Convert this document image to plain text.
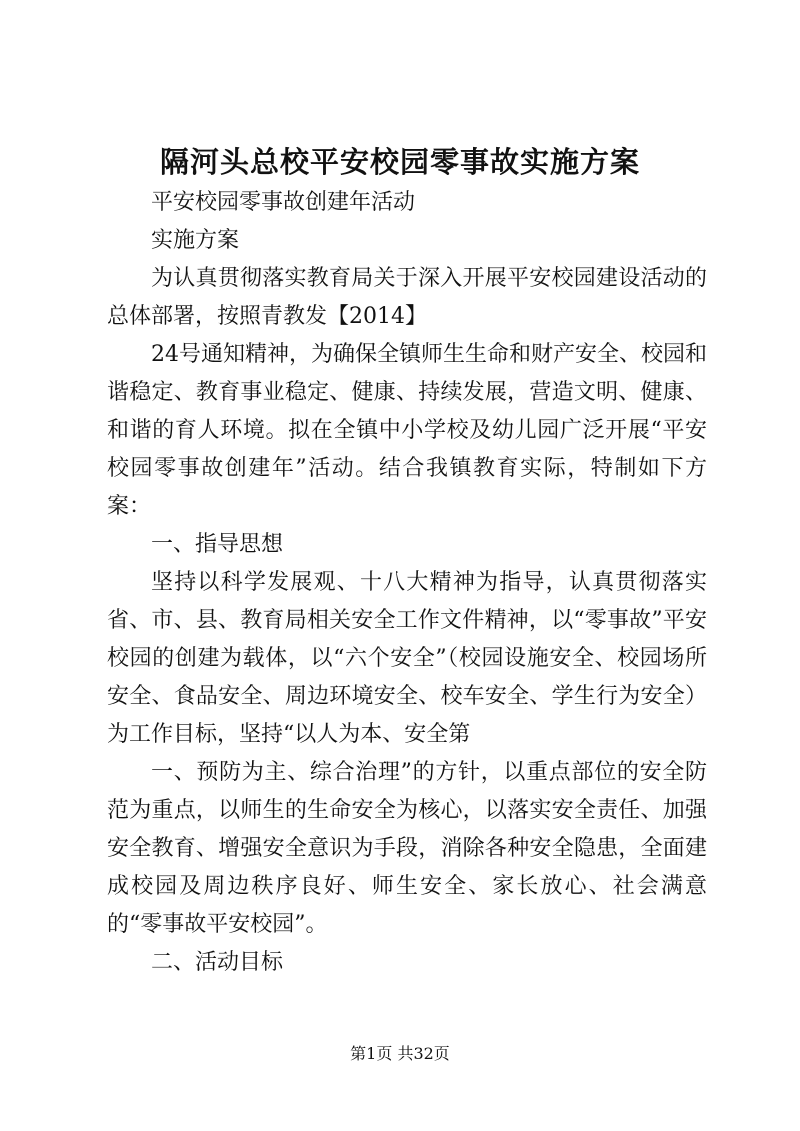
隔河头总校平安校园零事故实施方案

平安校园零事故创建年活动

实施方案

为认真贯彻落实教育局关于深入开展平安校园建设活动的总体部署，按照青教发【2014】

24号通知精神，为确保全镇师生生命和财产安全、校园和谐稳定、教育事业稳定、健康、持续发展，营造文明、健康、和谐的育人环境。拟在全镇中小学校及幼儿园广泛开展“平安校园零事故创建年”活动。结合我镇教育实际，特制如下方案：

一、指导思想

坚持以科学发展观、十八大精神为指导，认真贯彻落实省、市、县、教育局相关安全工作文件精神，以“零事故”平安校园的创建为载体，以“六个安全”（校园设施安全、校园场所安全、食品安全、周边环境安全、校车安全、学生行为安全）为工作目标，坚持“以人为本、安全第

一、预防为主、综合治理”的方针，以重点部位的安全防范为重点，以师生的生命安全为核心，以落实安全责任、加强安全教育、增强安全意识为手段，消除各种安全隐患，全面建成校园及周边秩序良好、师生安全、家长放心、社会满意的“零事故平安校园”。

二、活动目标

第1页 共32页
